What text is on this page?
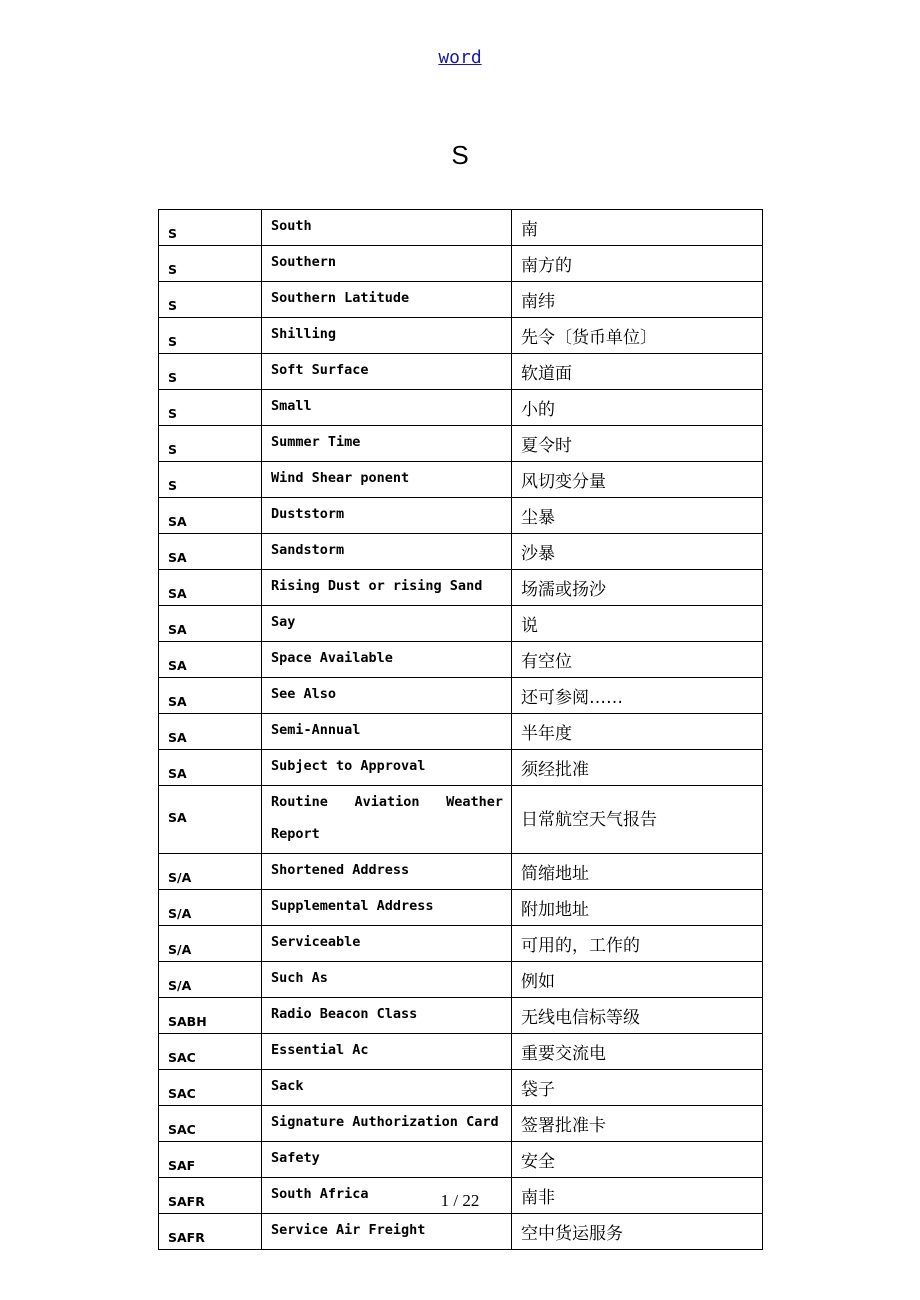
word
S
S	South	南
S	Southern	南方的
S	Southern Latitude	南纬
S	Shilling	先令〔货币单位〕
S	Soft Surface	软道面
S	Small	小的
S	Summer Time	夏令时
S	Wind Shear ponent	风切变分量
SA	Duststorm	尘暴
SA	Sandstorm	沙暴
SA	Rising Dust or rising Sand	场濡或扬沙
SA	Say	说
SA	Space Available	有空位
SA	See Also	还可参阅……
SA	Semi-Annual	半年度
SA	Subject to Approval	须经批准
SA	Routine Aviation Weather Report	日常航空天气报告
S/A	Shortened Address	简缩地址
S/A	Supplemental Address	附加地址
S/A	Serviceable	可用的，工作的
S/A	Such As	例如
SABH	Radio Beacon Class	无线电信标等级
SAC	Essential Ac	重要交流电
SAC	Sack	袋子
SAC	Signature Authorization Card	签署批准卡
SAF	Safety	安全
SAFR	South Africa	南非
SAFR	Service Air Freight	空中货运服务
1 / 22
